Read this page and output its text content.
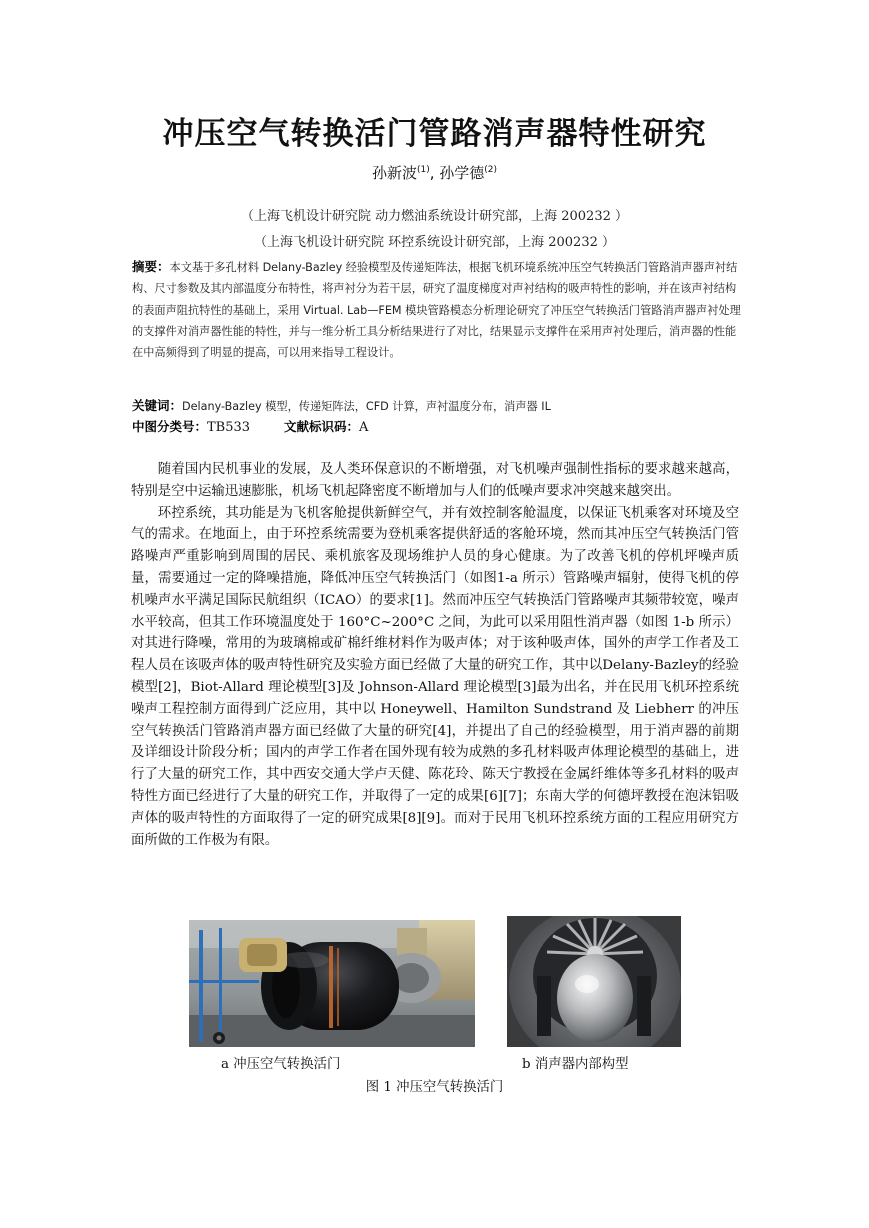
冲压空气转换活门管路消声器特性研究
孙新波$^{(1)}$, 孙学德$^{(2)}$
（上海飞机设计研究院 动力燃油系统设计研究部，上海 200232 ）
（上海飞机设计研究院 环控系统设计研究部，上海 200232 ）

摘要：本文基于多孔材料 Delany-Bazley 经验模型及传递矩阵法，根据飞机环境系统冲压空气转换活门管路消声器声衬结构、尺寸参数及其内部温度分布特性，将声衬分为若干层，研究了温度梯度对声衬结构的吸声特性的影响，并在该声衬结构的表面声阻抗特性的基础上，采用 Virtual. Lab—FEM 模块管路模态分析理论研究了冲压空气转换活门管路消声器声衬处理的支撑件对消声器性能的特性，并与一维分析工具分析结果进行了对比，结果显示支撑件在采用声衬处理后，消声器的性能在中高频得到了明显的提高，可以用来指导工程设计。

关键词：Delany-Bazley 模型，传递矩阵法，CFD 计算，声衬温度分布，消声器 IL
中图分类号：TB533	文献标识码：A

随着国内民机事业的发展，及人类环保意识的不断增强，对飞机噪声强制性指标的要求越来越高，特别是空中运输迅速膨胀，机场飞机起降密度不断增加与人们的低噪声要求冲突越来越突出。

环控系统，其功能是为飞机客舱提供新鲜空气，并有效控制客舱温度，以保证飞机乘客对环境及空气的需求。在地面上，由于环控系统需要为登机乘客提供舒适的客舱环境，然而其冲压空气转换活门管路噪声严重影响到周围的居民、乘机旅客及现场维护人员的身心健康。为了改善飞机的停机坪噪声质量，需要通过一定的降噪措施，降低冲压空气转换活门（如图1-a 所示）管路噪声辐射，使得飞机的停机噪声水平满足国际民航组织（ICAO）的要求[1]。然而冲压空气转换活门管路噪声其频带较宽，噪声水平较高，但其工作环境温度处于 160°C~200°C 之间，为此可以采用阻性消声器（如图 1-b 所示）对其进行降噪，常用的为玻璃棉或矿棉纤维材料作为吸声体；对于该种吸声体，国外的声学工作者及工程人员在该吸声体的吸声特性研究及实验方面已经做了大量的研究工作，其中以Delany-Bazley的经验模型[2]，Biot-Allard 理论模型[3]及 Johnson-Allard 理论模型[3]最为出名，并在民用飞机环控系统噪声工程控制方面得到广泛应用，其中以 Honeywell、Hamilton Sundstrand 及 Liebherr 的冲压空气转换活门管路消声器方面已经做了大量的研究[4]，并提出了自己的经验模型，用于消声器的前期及详细设计阶段分析；国内的声学工作者在国外现有较为成熟的多孔材料吸声体理论模型的基础上，进行了大量的研究工作，其中西安交通大学卢天健、陈花玲、陈天宁教授在金属纤维体等多孔材料的吸声特性方面已经进行了大量的研究工作，并取得了一定的成果[6][7]；东南大学的何德坪教授在泡沫铝吸声体的吸声特性的方面取得了一定的研究成果[8][9]。而对于民用飞机环控系统方面的工程应用研究方面所做的工作极为有限。

a 冲压空气转换活门	b 消声器内部构型
图 1 冲压空气转换活门
